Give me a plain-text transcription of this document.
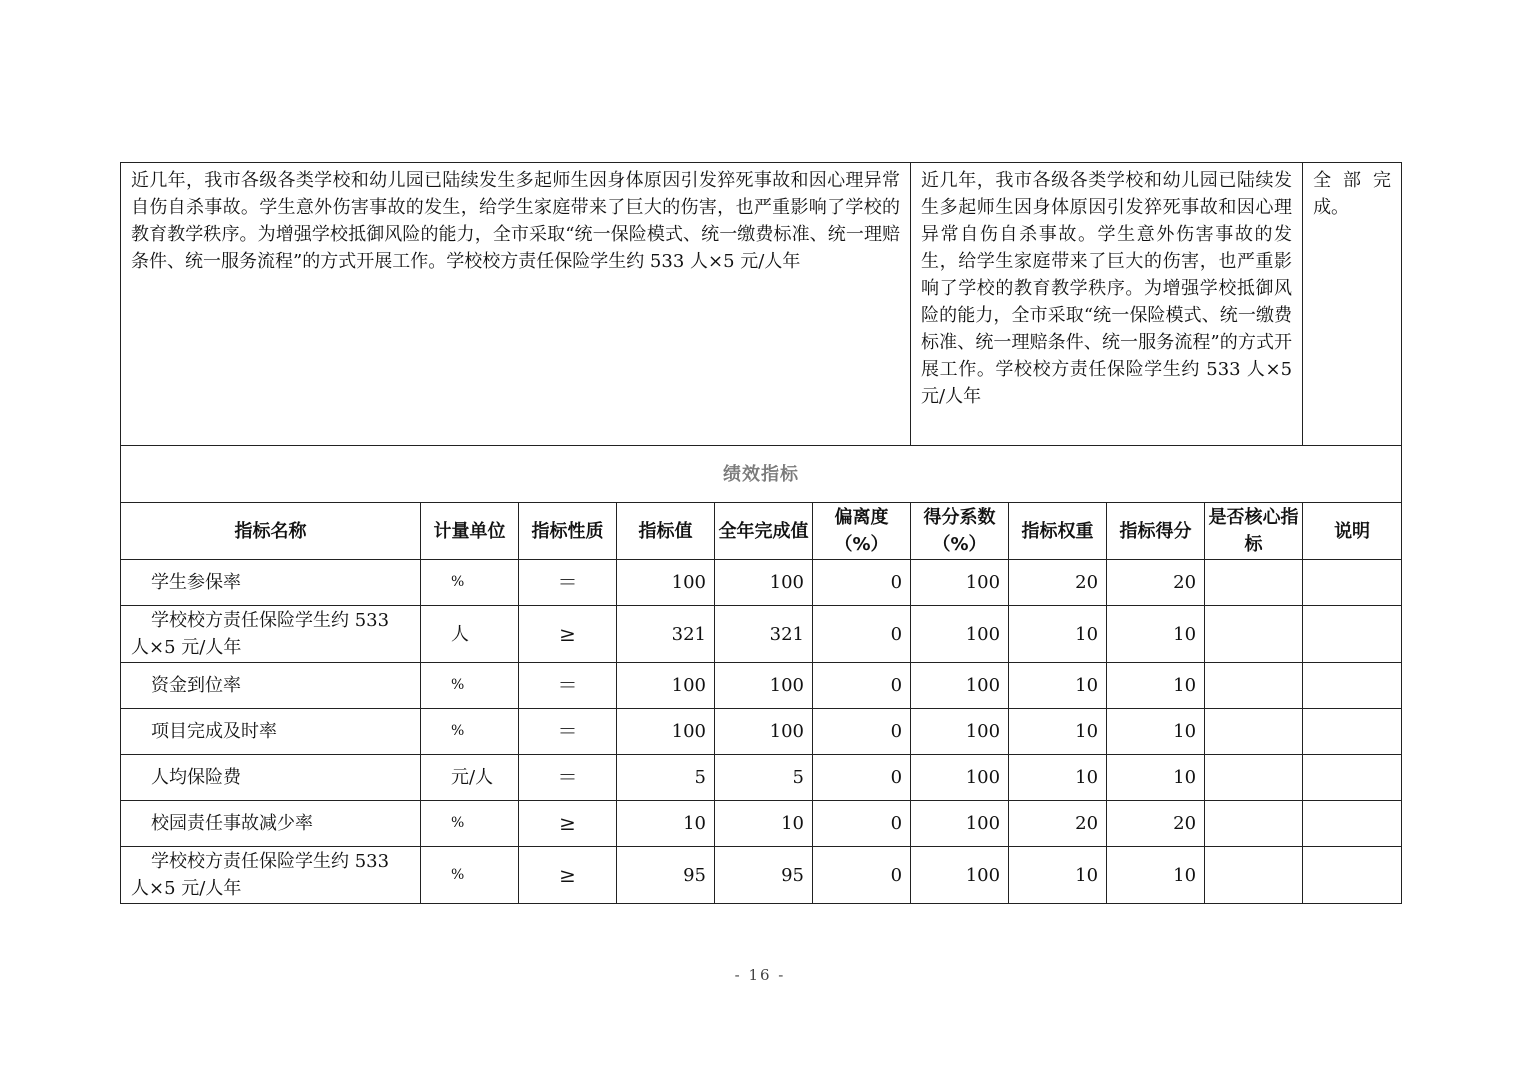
近几年，我市各级各类学校和幼儿园已陆续发生多起师生因身体原因引发猝死事故和因心理异常自伤自杀事故。学生意外伤害事故的发生，给学生家庭带来了巨大的伤害，也严重影响了学校的教育教学秩序。为增强学校抵御风险的能力，全市采取“统一保险模式、统一缴费标准、统一理赔条件、统一服务流程”的方式开展工作。学校校方责任保险学生约 533 人×5 元/人年						近几年，我市各级各类学校和幼儿园已陆续发生多起师生因身体原因引发猝死事故和因心理异常自伤自杀事故。学生意外伤害事故的发生，给学生家庭带来了巨大的伤害，也严重影响了学校的教育教学秩序。为增强学校抵御风险的能力，全市采取“统一保险模式、统一缴费标准、统一理赔条件、统一服务流程”的方式开展工作。学校校方责任保险学生约 533 人×5 元/人年				全部完成。
绩效指标										
指标名称	计量单位	指标性质	指标值	全年完成值	偏离度（%）	得分系数（%）	指标权重	指标得分	是否核心指标	说明
学生参保率	%	＝	100	100	0	100	20	20		
学校校方责任保险学生约 533 人×5 元/人年	人	≥	321	321	0	100	10	10		
资金到位率	%	＝	100	100	0	100	10	10		
项目完成及时率	%	＝	100	100	0	100	10	10		
人均保险费	元/人	＝	5	5	0	100	10	10		
校园责任事故减少率	%	≥	10	10	0	100	20	20		
学校校方责任保险学生约 533 人×5 元/人年	%	≥	95	95	0	100	10	10		
- 16 -
